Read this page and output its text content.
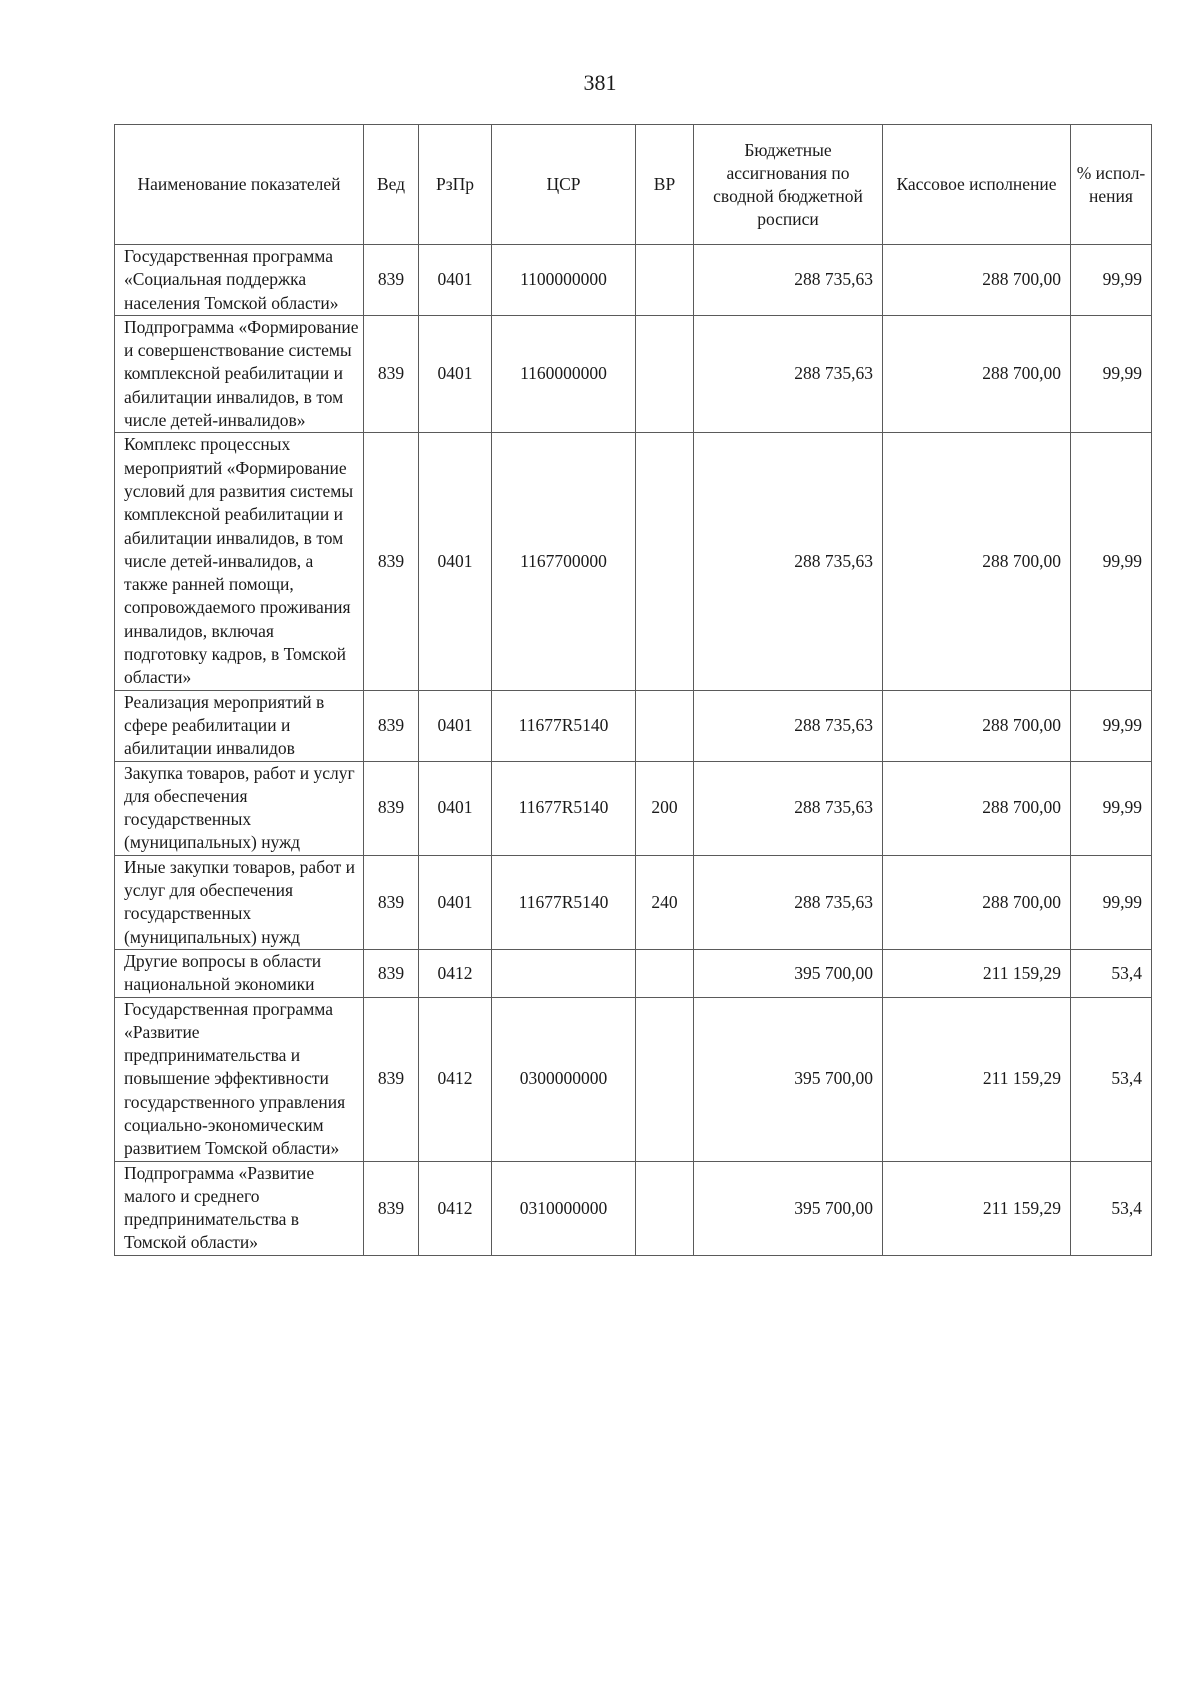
381
Наименование показателей	Вед	РзПр	ЦСР	ВР	Бюджетные ассигнования по сводной бюджетной росписи	Кассовое исполнение	% испол-нения
Государственная программа «Социальная поддержка населения Томской области»	839	0401	1100000000		288 735,63	288 700,00	99,99
Подпрограмма «Формирование и совершенствование системы комплексной реабилитации и абилитации инвалидов, в том числе детей-инвалидов»	839	0401	1160000000		288 735,63	288 700,00	99,99
Комплекс процессных мероприятий «Формирование условий для развития системы комплексной реабилитации и абилитации инвалидов, в том числе детей-инвалидов, а также ранней помощи, сопровождаемого проживания инвалидов, включая подготовку кадров, в Томской области»	839	0401	1167700000		288 735,63	288 700,00	99,99
Реализация мероприятий в сфере реабилитации и абилитации инвалидов	839	0401	11677R5140		288 735,63	288 700,00	99,99
Закупка товаров, работ и услуг для обеспечения государственных (муниципальных) нужд	839	0401	11677R5140	200	288 735,63	288 700,00	99,99
Иные закупки товаров, работ и услуг для обеспечения государственных (муниципальных) нужд	839	0401	11677R5140	240	288 735,63	288 700,00	99,99
Другие вопросы в области национальной экономики	839	0412			395 700,00	211 159,29	53,4
Государственная программа «Развитие предпринимательства и повышение эффективности государственного управления социально-экономическим развитием Томской области»	839	0412	0300000000		395 700,00	211 159,29	53,4
Подпрограмма «Развитие малого и среднего предпринимательства в Томской области»	839	0412	0310000000		395 700,00	211 159,29	53,4
